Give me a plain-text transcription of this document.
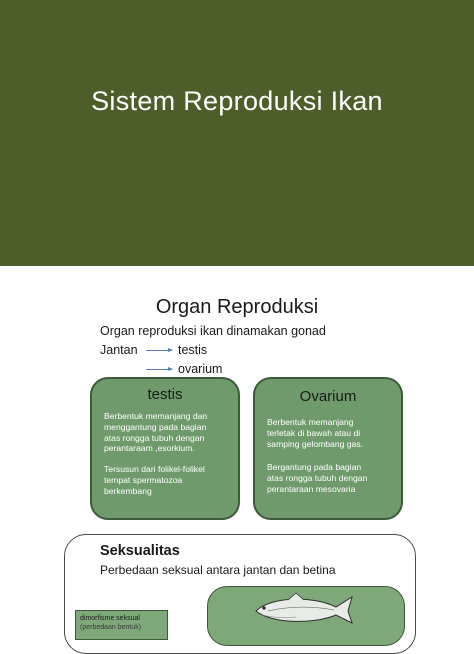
Sistem Reproduksi Ikan
Organ Reproduksi
Organ reproduksi ikan dinamakan gonad
Jantan	testis
ovarium
testis
Berbentuk memanjang dan
menggantung pada bagian
atas rongga tubuh dengan
perantaraam ,esorkium.
Tersusun dari folikel-folikel
tempat spermatozoa
berkembang
Ovarium
Berbentuk memanjang
terletak di bawah atau di
samping gelombang gas.
Bergantung pada bagian
atas rongga tubuh dengan
perantaraan mesovaria
Seksualitas
Perbedaan seksual antara jantan dan betina
dimorfisme seksual
(perbedaan bentuk)
